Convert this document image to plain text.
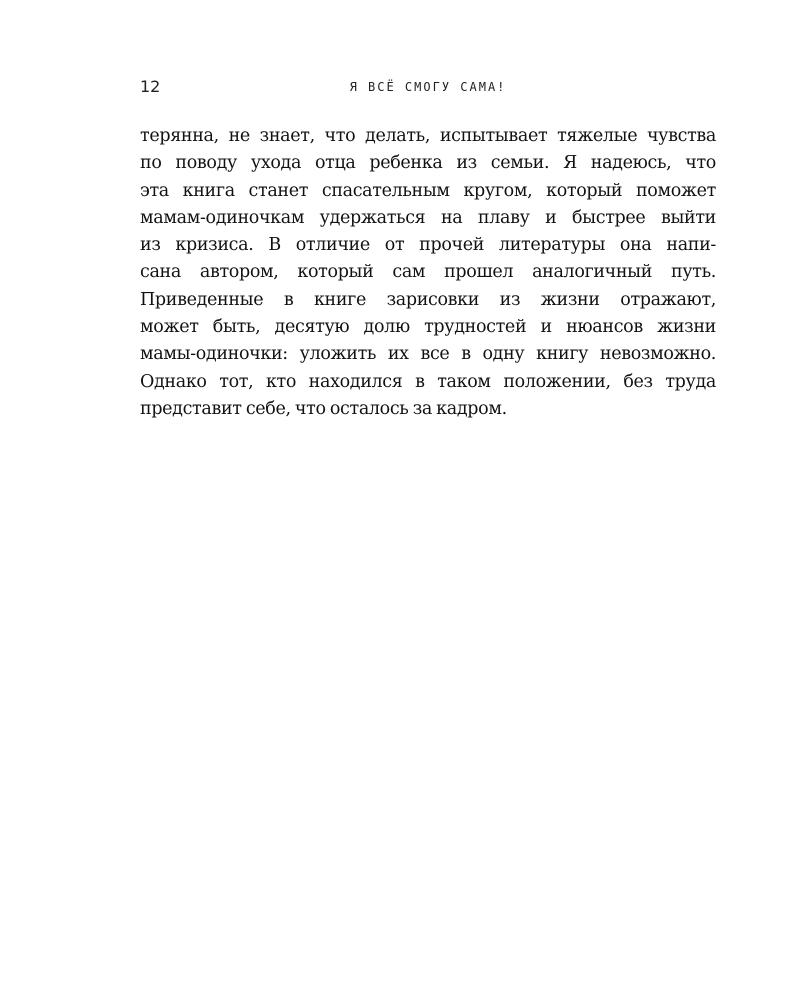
12	Я ВСЁ СМОГУ САМА!
терянна, не знает, что делать, испытывает тяжелые чувства
по поводу ухода отца ребенка из семьи. Я надеюсь, что
эта книга станет спасательным кругом, который поможет
мамам-одиночкам удержаться на плаву и быстрее выйти
из кризиса. В отличие от прочей литературы она напи-
сана автором, который сам прошел аналогичный путь.
Приведенные в книге зарисовки из жизни отражают,
может быть, десятую долю трудностей и нюансов жизни
мамы-одиночки: уложить их все в одну книгу невозможно.
Однако тот, кто находился в таком положении, без труда
представит себе, что осталось за кадром.
